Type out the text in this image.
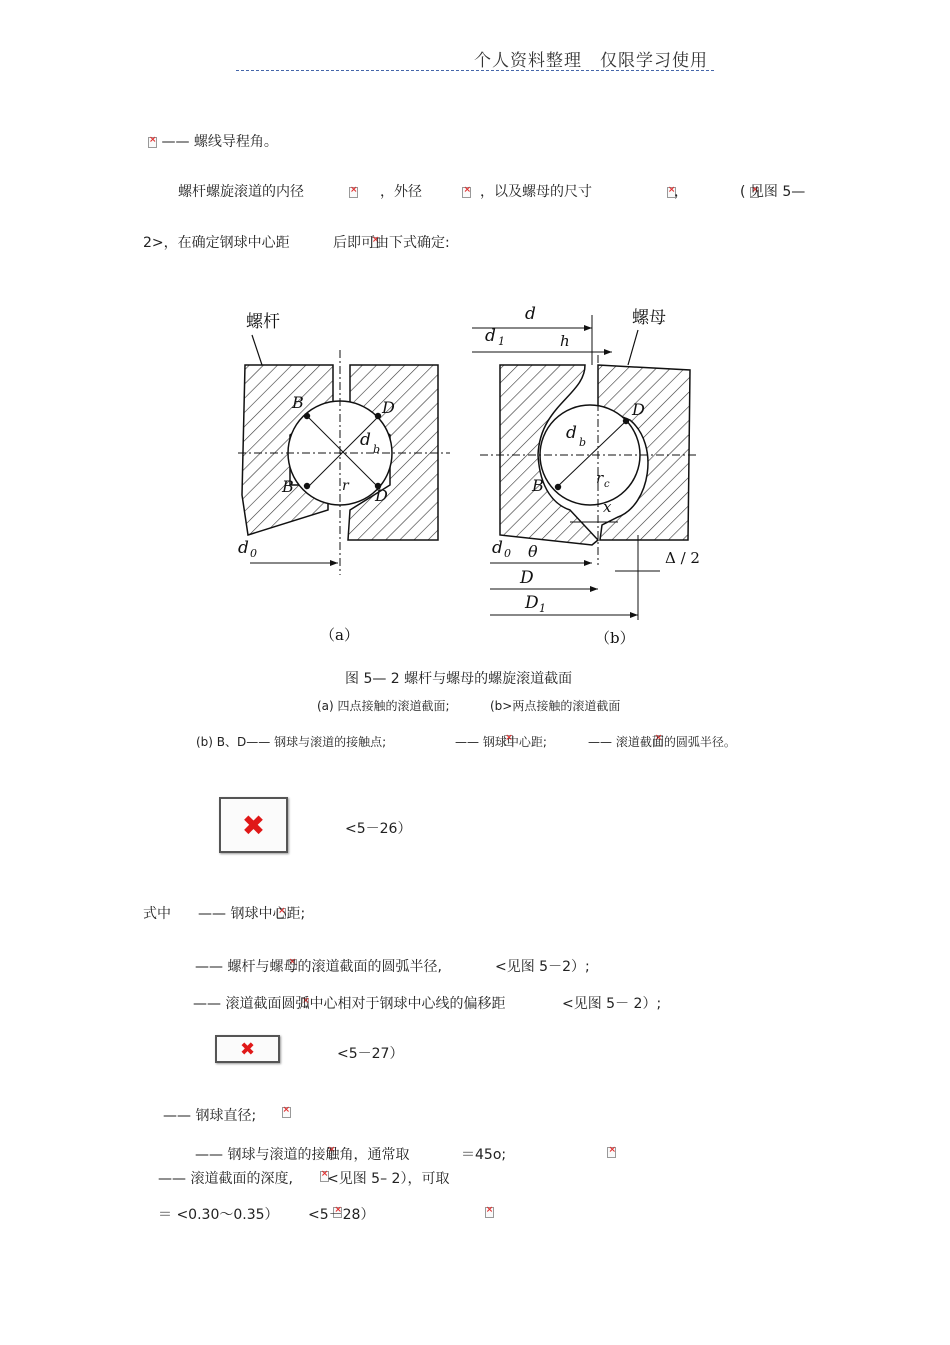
个人资料整理　仅限学习使用
× —— 螺线导程角。
螺杆螺旋滚道的内径 ×	，外径 ×	，以及螺母的尺寸 ×	， ×	( 见图 5—
2>，在确定钢球中心距 ×	后即可由下式确定:
螺杆
B	D
B	D
d b
r
d 0
（a）
d
d 1	h
螺母
D
B
d b
r c
x
d 0 θ
D
D 1
Δ / 2
（b）
图 5— 2 螺杆与螺母的螺旋滚道截面
(a) 四点接触的滚道截面;	(b>两点接触的滚道截面
(b) B、D—— 钢球与滚道的接触点; ×	—— 钢球中心距; ×	—— 滚道截面的圆弧半径。
✖	<5－26）
式中 × —— 钢球中心距;
×
—— 螺杆与螺母的滚道截面的圆弧半径,	<见图 5－2）;
×
—— 滚道截面圆弧中心相对于钢球中心线的偏移距	<见图 5－ 2）;
✖	<5－27）
×
—— 钢球直径;
×
—— 钢球与滚道的接触角，通常取 ×	＝45o;
×
—— 滚道截面的深度, <见图 5– 2），可取
×
＝ <0.30～0.35） × <5－28）
